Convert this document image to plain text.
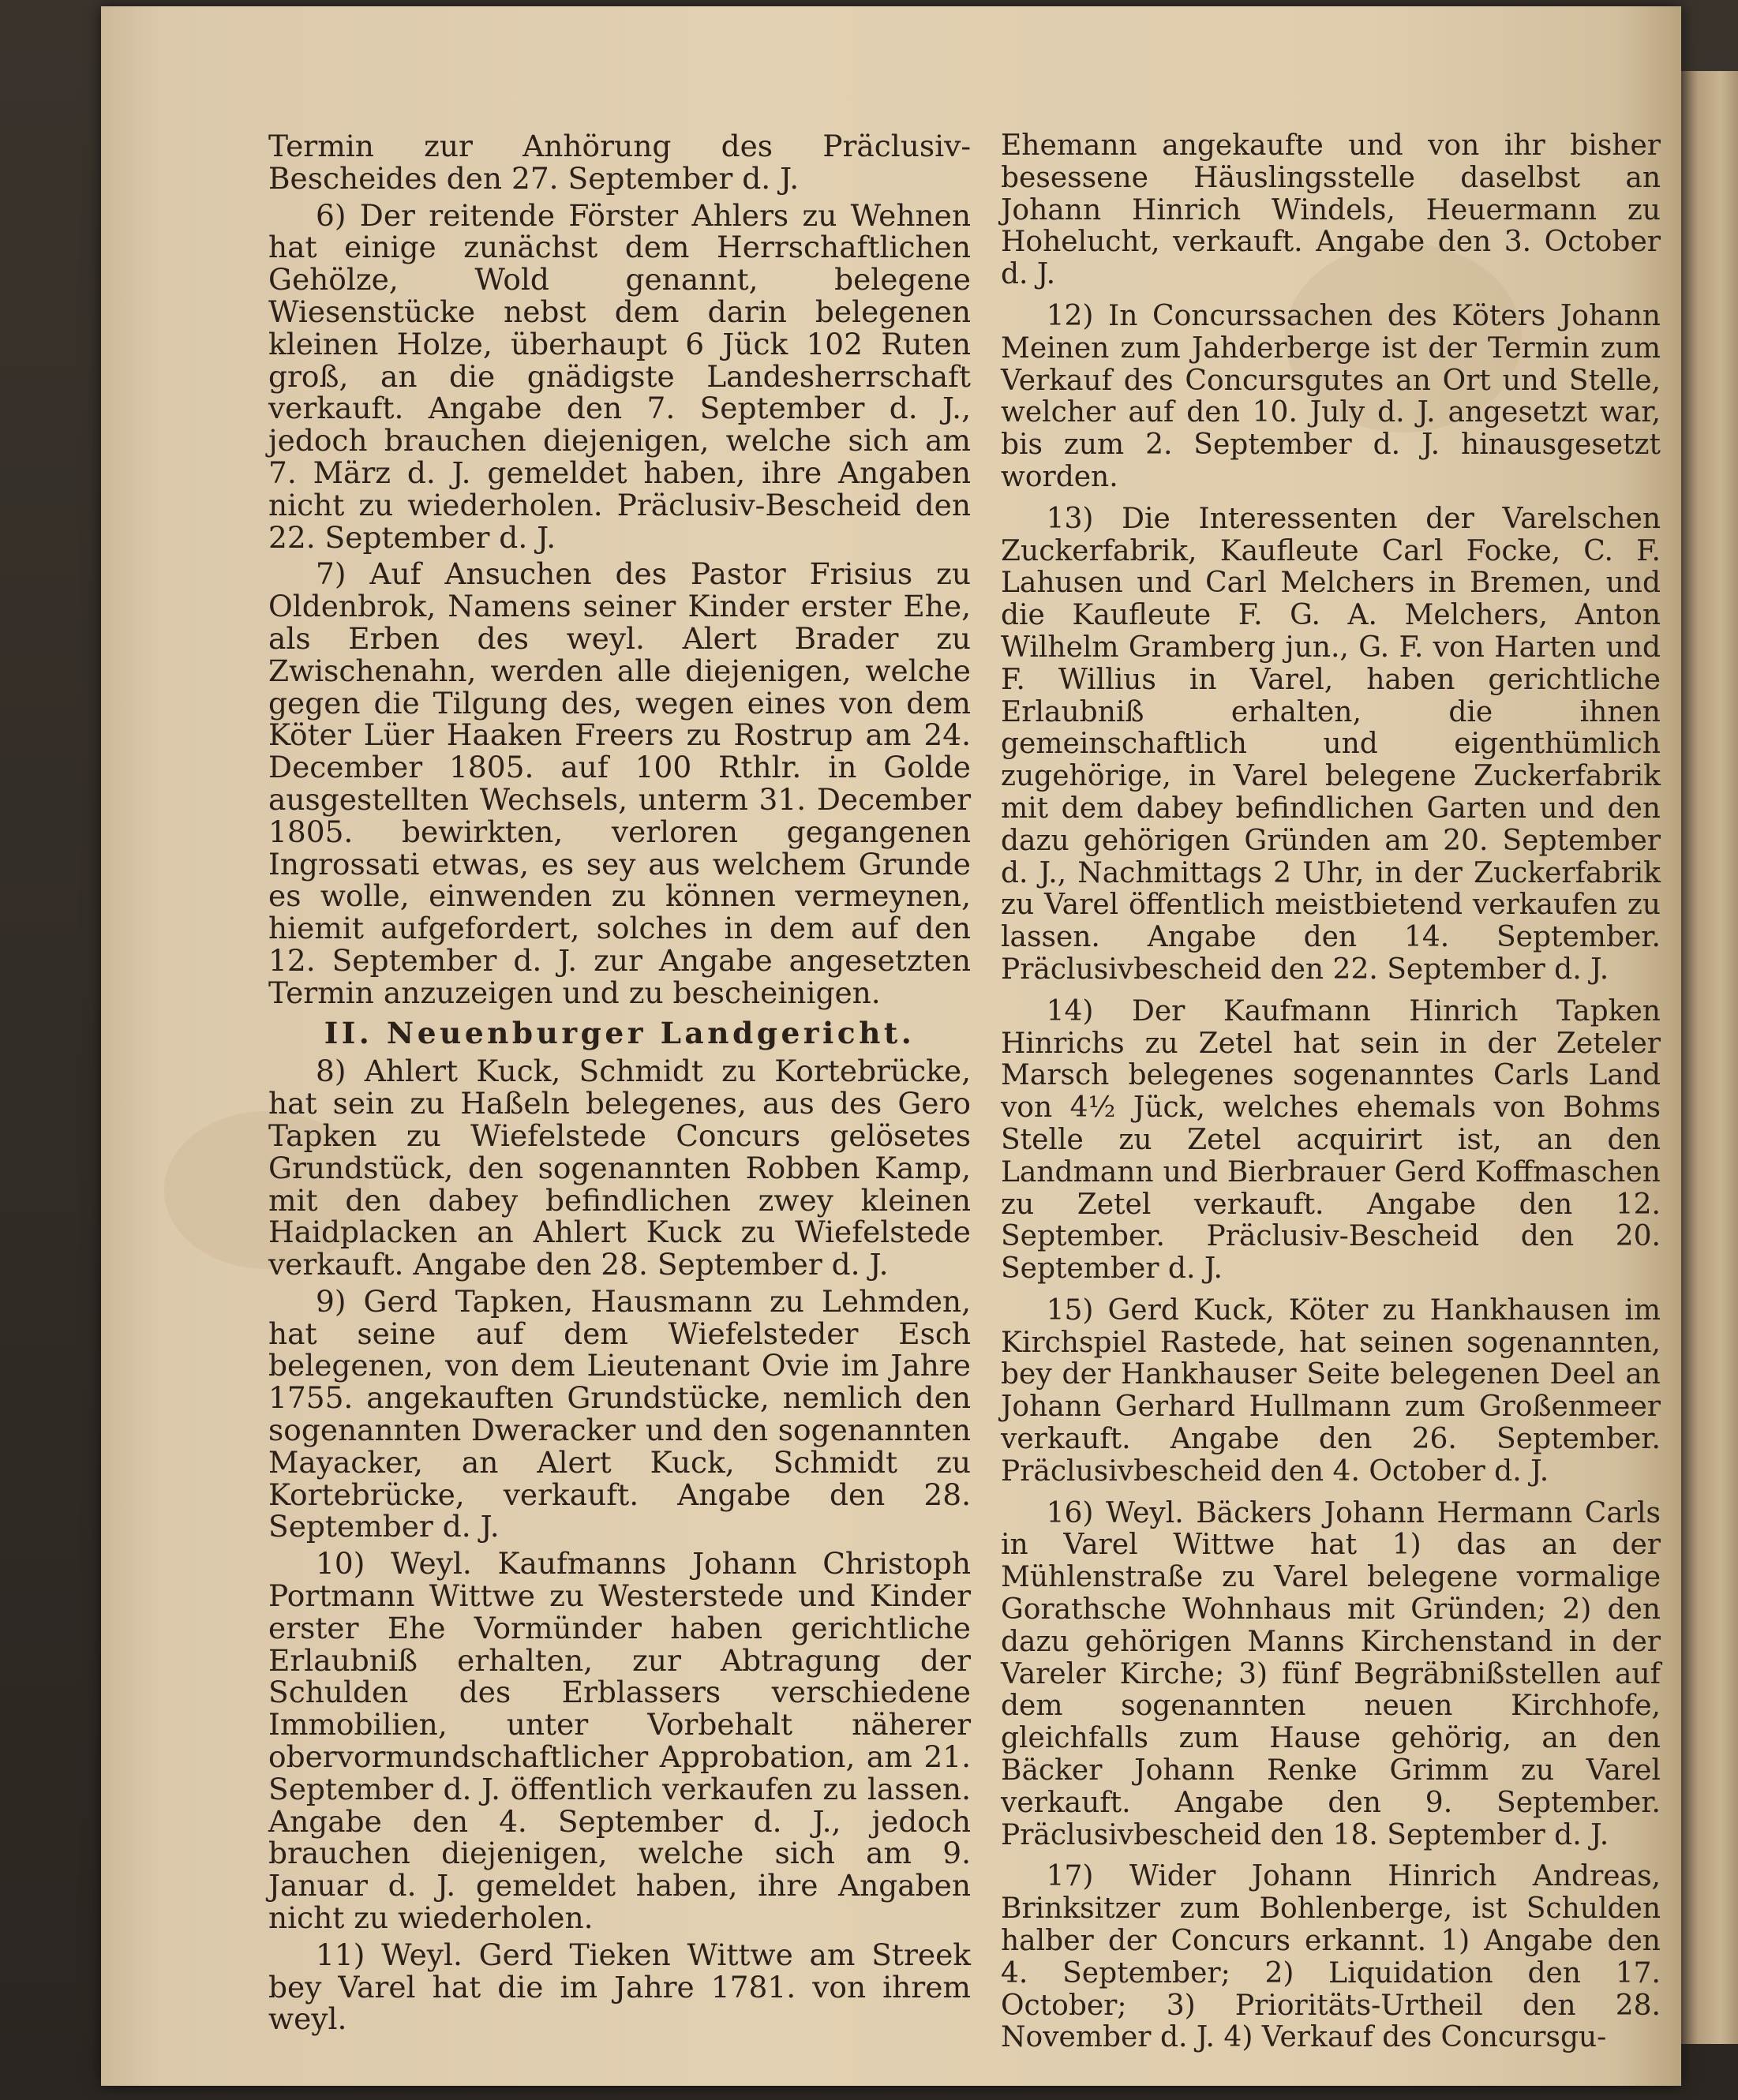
Termin zur Anhörung des Präclusiv-Bescheides den 27. September d. J.

6) Der reitende Förster Ahlers zu Wehnen hat einige zunächst dem Herrschaftlichen Gehölze, Wold genannt, belegene Wiesenstücke nebst dem darin belegenen kleinen Holze, überhaupt 6 Jück 102 Ruten groß, an die gnädigste Landesherrschaft verkauft. Angabe den 7. September d. J., jedoch brauchen diejenigen, welche sich am 7. März d. J. gemeldet haben, ihre Angaben nicht zu wiederholen. Präclusiv-Bescheid den 22. September d. J.

7) Auf Ansuchen des Pastor Frisius zu Oldenbrok, Namens seiner Kinder erster Ehe, als Erben des weyl. Alert Brader zu Zwischenahn, werden alle diejenigen, welche gegen die Tilgung des, wegen eines von dem Köter Lüer Haaken Freers zu Rostrup am 24. December 1805. auf 100 Rthlr. in Golde ausgestellten Wechsels, unterm 31. December 1805. bewirkten, verloren gegangenen Ingrossati etwas, es sey aus welchem Grunde es wolle, einwenden zu können vermeynen, hiemit aufgefordert, solches in dem auf den 12. September d. J. zur Angabe angesetzten Termin anzuzeigen und zu bescheinigen.

II. Neuenburger Landgericht.

8) Ahlert Kuck, Schmidt zu Kortebrücke, hat sein zu Haßeln belegenes, aus des Gero Tapken zu Wiefelstede Concurs gelösetes Grundstück, den sogenannten Robben Kamp, mit den dabey befindlichen zwey kleinen Haidplacken an Ahlert Kuck zu Wiefelstede verkauft. Angabe den 28. September d. J.

9) Gerd Tapken, Hausmann zu Lehmden, hat seine auf dem Wiefelsteder Esch belegenen, von dem Lieutenant Ovie im Jahre 1755. angekauften Grundstücke, nemlich den sogenannten Dweracker und den sogenannten Mayacker, an Alert Kuck, Schmidt zu Kortebrücke, verkauft. Angabe den 28. September d. J.

10) Weyl. Kaufmanns Johann Christoph Portmann Wittwe zu Westerstede und Kinder erster Ehe Vormünder haben gerichtliche Erlaubniß erhalten, zur Abtragung der Schulden des Erblassers verschiedene Immobilien, unter Vorbehalt näherer obervormundschaftlicher Approbation, am 21. September d. J. öffentlich verkaufen zu lassen. Angabe den 4. September d. J., jedoch brauchen diejenigen, welche sich am 9. Januar d. J. gemeldet haben, ihre Angaben nicht zu wiederholen.

11) Weyl. Gerd Tieken Wittwe am Streek bey Varel hat die im Jahre 1781. von ihrem weyl.

Ehemann angekaufte und von ihr bisher besessene Häuslingsstelle daselbst an Johann Hinrich Windels, Heuermann zu Hohelucht, verkauft. Angabe den 3. October d. J.

12) In Concurssachen des Köters Johann Meinen zum Jahderberge ist der Termin zum Verkauf des Concursgutes an Ort und Stelle, welcher auf den 10. July d. J. angesetzt war, bis zum 2. September d. J. hinausgesetzt worden.

13) Die Interessenten der Varelschen Zuckerfabrik, Kaufleute Carl Focke, C. F. Lahusen und Carl Melchers in Bremen, und die Kaufleute F. G. A. Melchers, Anton Wilhelm Gramberg jun., G. F. von Harten und F. Willius in Varel, haben gerichtliche Erlaubniß erhalten, die ihnen gemeinschaftlich und eigenthümlich zugehörige, in Varel belegene Zuckerfabrik mit dem dabey befindlichen Garten und den dazu gehörigen Gründen am 20. September d. J., Nachmittags 2 Uhr, in der Zuckerfabrik zu Varel öffentlich meistbietend verkaufen zu lassen. Angabe den 14. September. Präclusivbescheid den 22. September d. J.

14) Der Kaufmann Hinrich Tapken Hinrichs zu Zetel hat sein in der Zeteler Marsch belegenes sogenanntes Carls Land von 4½ Jück, welches ehemals von Bohms Stelle zu Zetel acquirirt ist, an den Landmann und Bierbrauer Gerd Koffmaschen zu Zetel verkauft. Angabe den 12. September. Präclusiv-Bescheid den 20. September d. J.

15) Gerd Kuck, Köter zu Hankhausen im Kirchspiel Rastede, hat seinen sogenannten, bey der Hankhauser Seite belegenen Deel an Johann Gerhard Hullmann zum Großenmeer verkauft. Angabe den 26. September. Präclusivbescheid den 4. October d. J.

16) Weyl. Bäckers Johann Hermann Carls in Varel Wittwe hat 1) das an der Mühlenstraße zu Varel belegene vormalige Gorathsche Wohnhaus mit Gründen; 2) den dazu gehörigen Manns Kirchenstand in der Vareler Kirche; 3) fünf Begräbnißstellen auf dem sogenannten neuen Kirchhofe, gleichfalls zum Hause gehörig, an den Bäcker Johann Renke Grimm zu Varel verkauft. Angabe den 9. September. Präclusivbescheid den 18. September d. J.

17) Wider Johann Hinrich Andreas, Brinksitzer zum Bohlenberge, ist Schulden halber der Concurs erkannt. 1) Angabe den 4. September; 2) Liquidation den 17. October; 3) Prioritäts-Urtheil den 28. November d. J. 4) Verkauf des Concursgu-
